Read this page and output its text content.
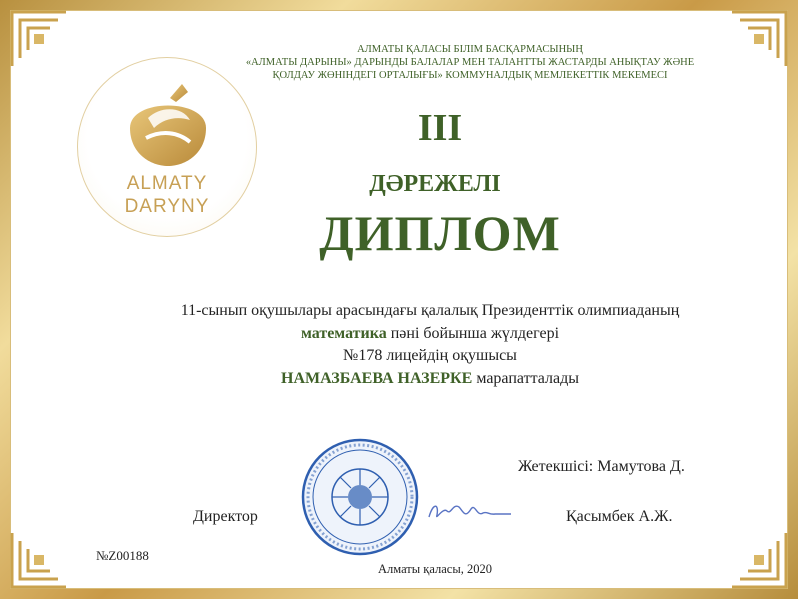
ALMATY
DARYNY
АЛМАТЫ ҚАЛАСЫ БІЛІМ БАСҚАРМАСЫНЫҢ
«АЛМАТЫ ДАРЫНЫ» ДАРЫНДЫ БАЛАЛАР МЕН ТАЛАНТТЫ ЖАСТАРДЫ АНЫҚТАУ ЖӘНЕ
ҚОЛДАУ ЖӨНІНДЕГІ ОРТАЛЫҒЫ» КОММУНАЛДЫҚ МЕМЛЕКЕТТІК МЕКЕМЕСІ
III
ДӘРЕЖЕЛІ
ДИПЛОМ
11-сынып оқушылары арасындағы қалалық Президенттік олимпиаданың
математика пәні бойынша жүлдегері
№178 лицейдің оқушысы
НАМАЗБАЕВА НАЗЕРКЕ марапатталады
Жетекшісі: Мамутова Д.
Директор	Қасымбек А.Ж.
№Z00188
Алматы қаласы, 2020
